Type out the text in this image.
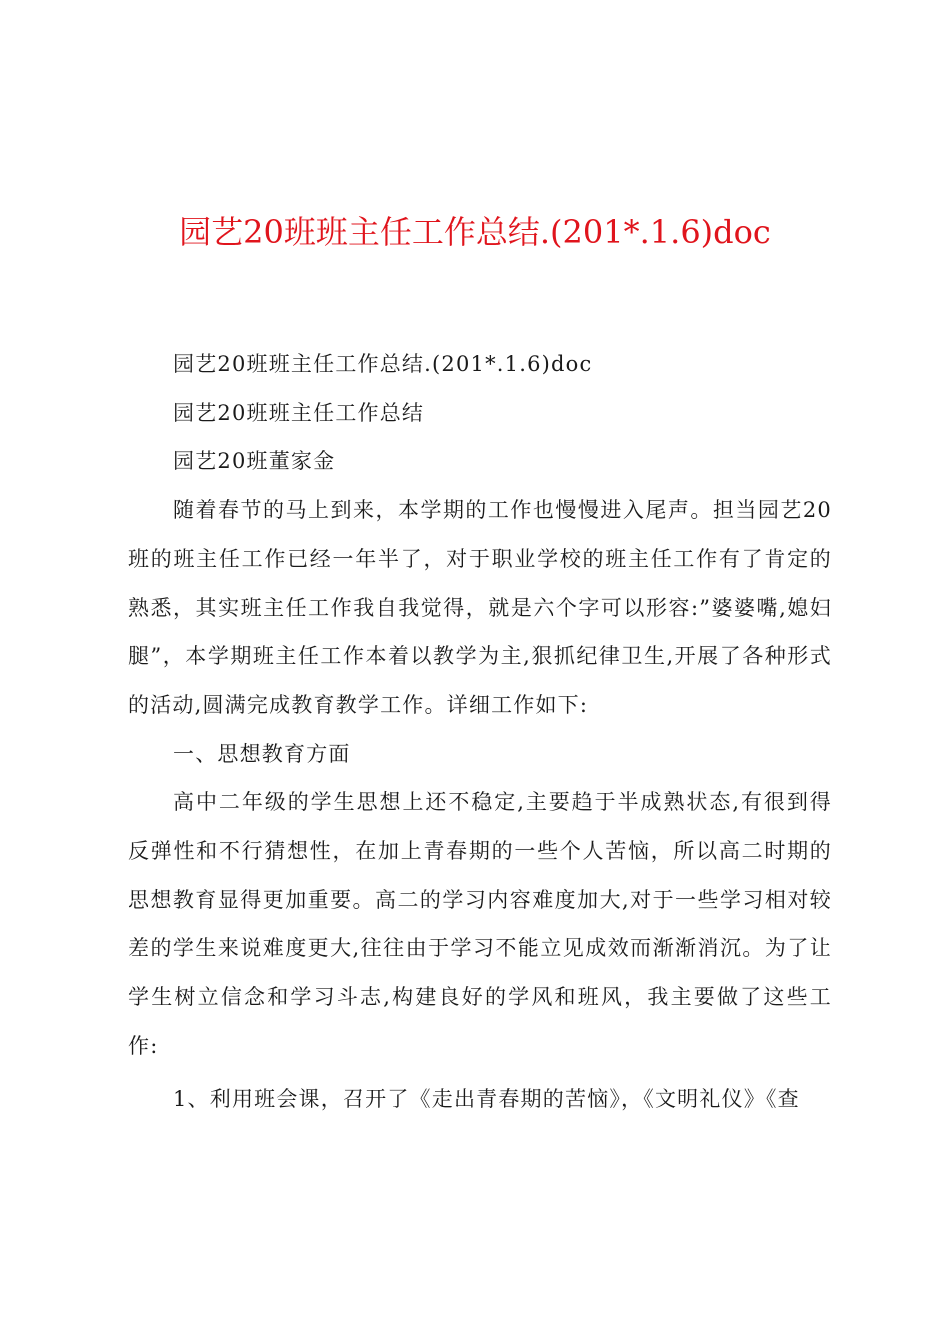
园艺20班班主任工作总结.(201*.1.6)doc

园艺20班班主任工作总结.(201*.1.6)doc

园艺20班班主任工作总结

园艺20班董家金

随着春节的马上到来，本学期的工作也慢慢进入尾声。担当园艺20班的班主任工作已经一年半了，对于职业学校的班主任工作有了肯定的熟悉，其实班主任工作我自我觉得，就是六个字可以形容:”婆婆嘴,媳妇腿”，本学期班主任工作本着以教学为主,狠抓纪律卫生,开展了各种形式的活动,圆满完成教育教学工作。详细工作如下:

一、思想教育方面

高中二年级的学生思想上还不稳定,主要趋于半成熟状态,有很到得反弹性和不行猜想性，在加上青春期的一些个人苦恼，所以高二时期的思想教育显得更加重要。高二的学习内容难度加大,对于一些学习相对较差的学生来说难度更大,往往由于学习不能立见成效而渐渐消沉。为了让学生树立信念和学习斗志,构建良好的学风和班风，我主要做了这些工作:

1、利用班会课，召开了《走出青春期的苦恼》，《文明礼仪》《查
